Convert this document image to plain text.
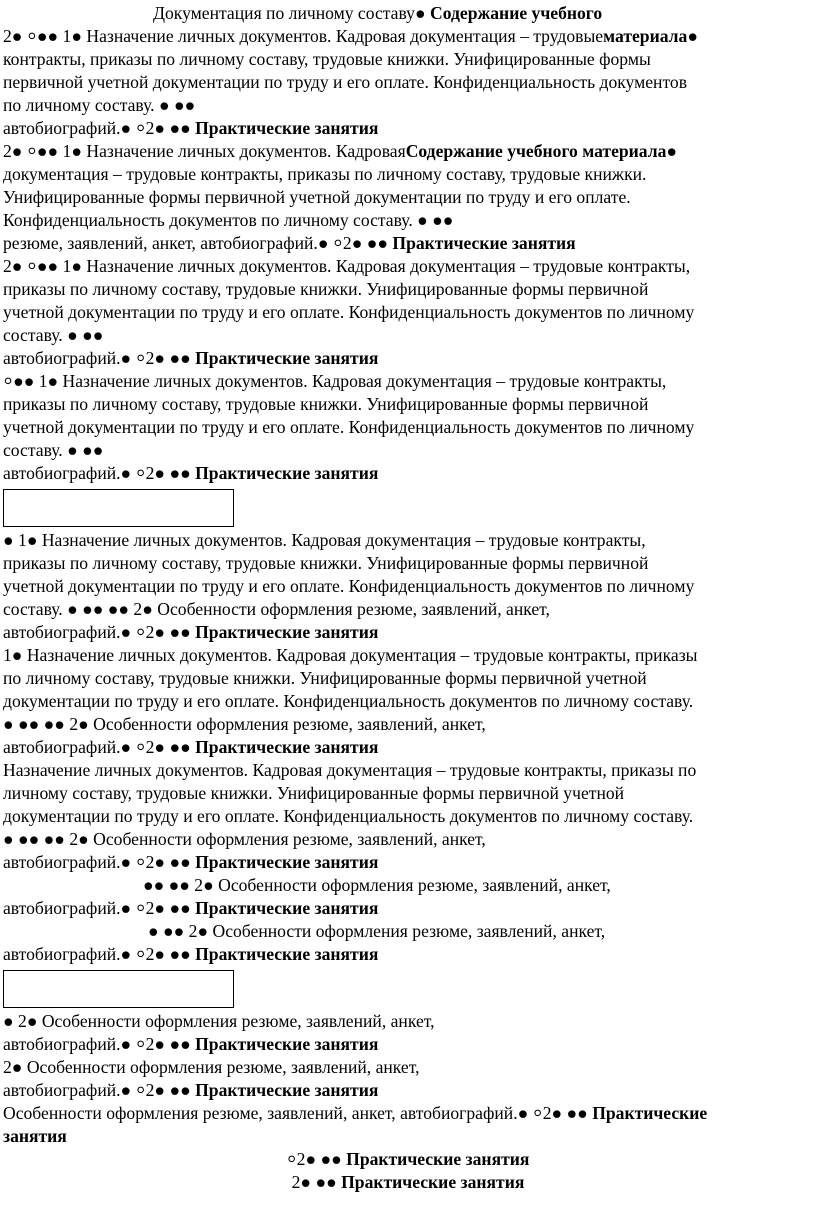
Документация по личному составу● Содержание учебного
2● ⸰●● 1● Назначение личных документов. Кадровая документация – трудовыематериала●
контракты, приказы по личному составу, трудовые книжки. Унифицированные формы
первичной учетной документации по труду и его оплате. Конфиденциальность документов
по личному составу. ● ●●
автобиографий.● ⸰2● ●● Практические занятия
2● ⸰●● 1● Назначение личных документов. КадроваяСодержание учебного материала●
документация – трудовые контракты, приказы по личному составу, трудовые книжки.
Унифицированные формы первичной учетной документации по труду и его оплате.
Конфиденциальность документов по личному составу. ● ●●
резюме, заявлений, анкет, автобиографий.● ⸰2● ●● Практические занятия
2● ⸰●● 1● Назначение личных документов. Кадровая документация – трудовые контракты,
приказы по личному составу, трудовые книжки. Унифицированные формы первичной
учетной документации по труду и его оплате. Конфиденциальность документов по личному
составу. ● ●●
автобиографий.● ⸰2● ●● Практические занятия
⸰●● 1● Назначение личных документов. Кадровая документация – трудовые контракты,
приказы по личному составу, трудовые книжки. Унифицированные формы первичной
учетной документации по труду и его оплате. Конфиденциальность документов по личному
составу. ● ●●
автобиографий.● ⸰2● ●● Практические занятия
● 1● Назначение личных документов. Кадровая документация – трудовые контракты,
приказы по личному составу, трудовые книжки. Унифицированные формы первичной
учетной документации по труду и его оплате. Конфиденциальность документов по личному
составу. ● ●● ●● 2● Особенности оформления резюме, заявлений, анкет,
автобиографий.● ⸰2● ●● Практические занятия
1● Назначение личных документов. Кадровая документация – трудовые контракты, приказы
по личному составу, трудовые книжки. Унифицированные формы первичной учетной
документации по труду и его оплате. Конфиденциальность документов по личному составу.
● ●● ●● 2● Особенности оформления резюме, заявлений, анкет,
автобиографий.● ⸰2● ●● Практические занятия
Назначение личных документов. Кадровая документация – трудовые контракты, приказы по
личному составу, трудовые книжки. Унифицированные формы первичной учетной
документации по труду и его оплате. Конфиденциальность документов по личному составу.
● ●● ●● 2● Особенности оформления резюме, заявлений, анкет,
автобиографий.● ⸰2● ●● Практические занятия
●● ●● 2● Особенности оформления резюме, заявлений, анкет,
автобиографий.● ⸰2● ●● Практические занятия
● ●● 2● Особенности оформления резюме, заявлений, анкет,
автобиографий.● ⸰2● ●● Практические занятия
● 2● Особенности оформления резюме, заявлений, анкет,
автобиографий.● ⸰2● ●● Практические занятия
2● Особенности оформления резюме, заявлений, анкет,
автобиографий.● ⸰2● ●● Практические занятия
Особенности оформления резюме, заявлений, анкет, автобиографий.● ⸰2● ●● Практические
занятия
⸰2● ●● Практические занятия
2● ●● Практические занятия
